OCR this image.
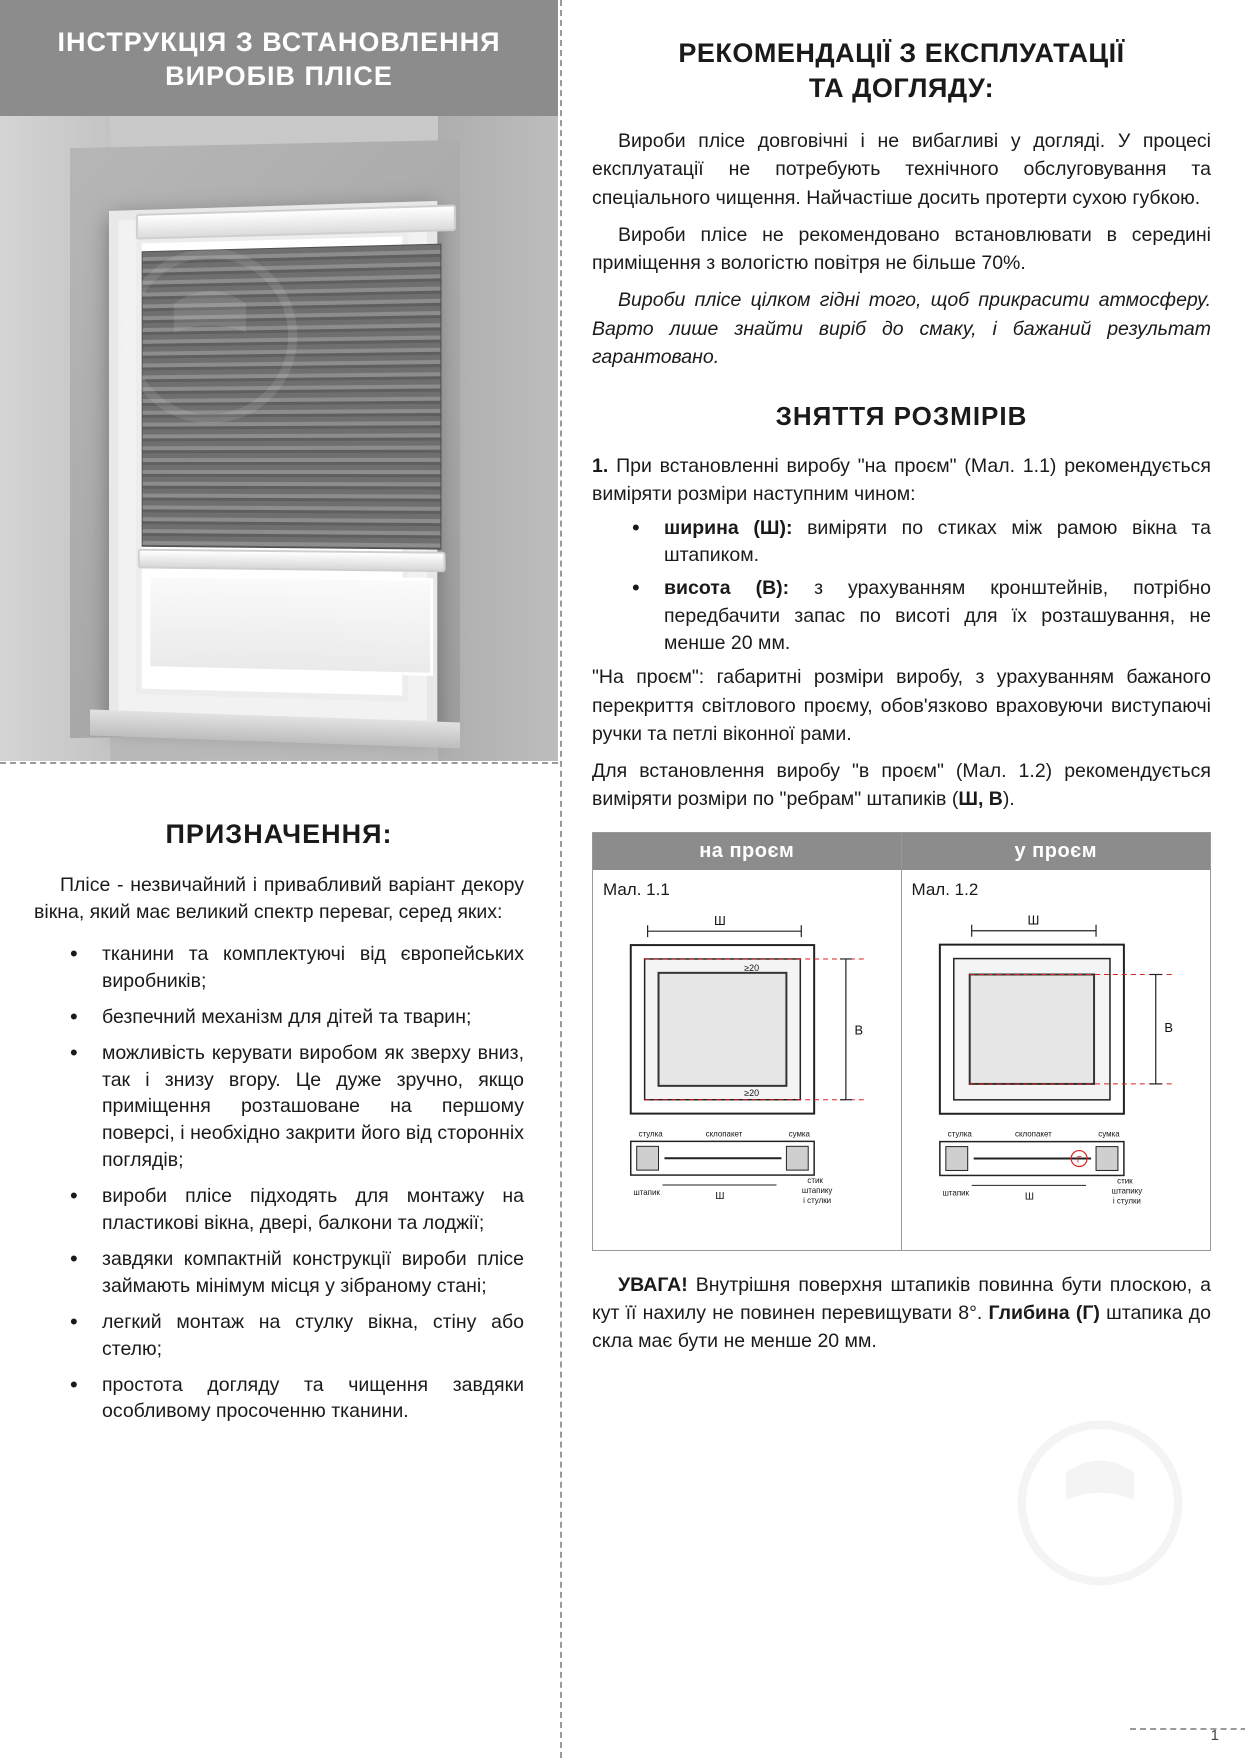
ІНСТРУКЦІЯ З ВСТАНОВЛЕННЯ
ВИРОБІВ ПЛІСЕ
ПРИЗНАЧЕННЯ:

Пліcе - незвичайний і привабливий варіант декору вікна, який має великий спектр переваг, серед яких:

• тканини та комплектуючі від європейських виробників;
• безпечний механізм для дітей та тварин;
• можливість керувати виробом як зверху вниз, так і знизу вгору. Це дуже зручно, якщо приміщення розташоване на першому поверсі, і необхідно закрити його від сторонніх поглядів;
• вироби пліcе підходять для монтажу на пластикові вікна, двері, балкони та лоджії;
• завдяки компактній конструкції вироби пліcе займають мінімум місця у зібраному стані;
• легкий монтаж на стулку вікна, стіну або стелю;
• простота догляду та чищення завдяки особливому просоченню тканини.
РЕКОМЕНДАЦІЇ З ЕКСПЛУАТАЦІЇ
ТА ДОГЛЯДУ:

Вироби пліcе довговічні і не вибагливі у догляді. У процесі експлуатації не потребують технічного обслуговування та спеціального чищення. Найчастіше досить протерти сухою губкою.

Вироби пліcе не рекомендовано встановлювати в середині приміщення з вологістю повітря не більше 70%.

Вироби пліcе цілком гідні того, щоб прикрасити атмосферу. Варто лише знайти виріб до смаку, і бажаний результат гарантовано.

ЗНЯТТЯ РОЗМІРІВ

1. При встановленні виробу "на проєм" (Мал. 1.1) рекомендується виміряти розміри наступним чином:

• ширина (Ш): виміряти по стиках між рамою вікна та штапиком.
• висота (В): з урахуванням кронштейнів, потрібно передбачити запас по висоті для їх розташування, не менше 20 мм.

"На проєм": габаритні розміри виробу, з урахуванням бажаного перекриття світлового проєму, обов'язково враховуючи виступаючі ручки та петлі віконної рами.

Для встановлення виробу "в проєм" (Мал. 1.2) рекомендується виміряти розміри по "ребрам" штапиків (Ш, В).

на проєм
Мал. 1.1
Ш
В
≥20
≥20
стулка	склопакет	сумка
штапик	Ш
стик
штапику
і стулки
у проєм
Мал. 1.2
Ш
В
Г
стулка	склопакет	сумка
штапик	Ш
стик
штапику
і стулки

УВАГА! Внутрішня поверхня штапиків повинна бути плоскою, а кут її нахилу не повинен перевищувати 8°. Глибина (Г) штапика до скла має бути не менше 20 мм.

1
